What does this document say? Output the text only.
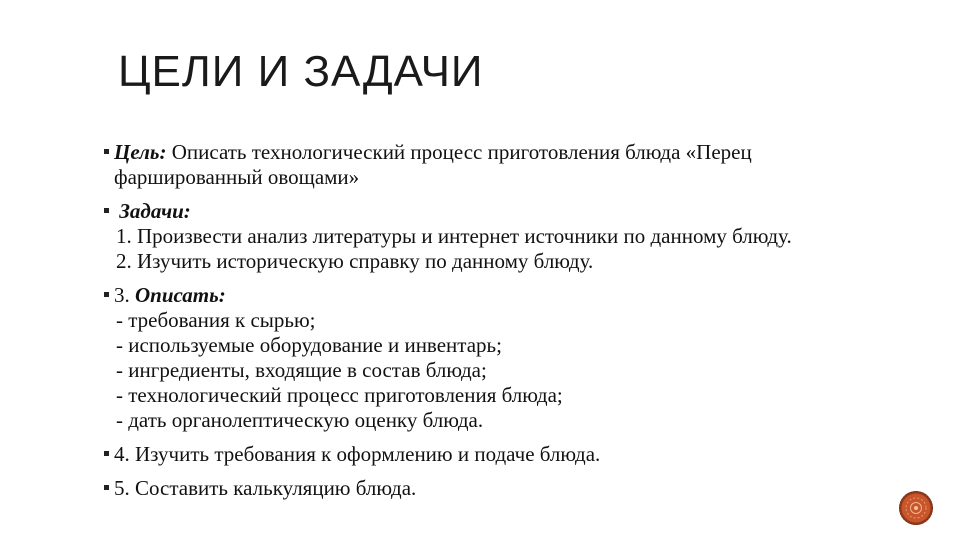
ЦЕЛИ И ЗАДАЧИ
Цель: Описать технологический процесс приготовления блюда «Перец
фаршированный овощами»
Задачи:
1. Произвести анализ литературы и интернет источники по данному блюду.
2. Изучить историческую справку по данному блюду.
3. Описать:
- требования к сырью;
- используемые оборудование и инвентарь;
- ингредиенты, входящие в состав блюда;
- технологический процесс приготовления блюда;
- дать органолептическую оценку блюда.
4. Изучить требования к оформлению и подаче блюда.
5. Составить калькуляцию блюда.
